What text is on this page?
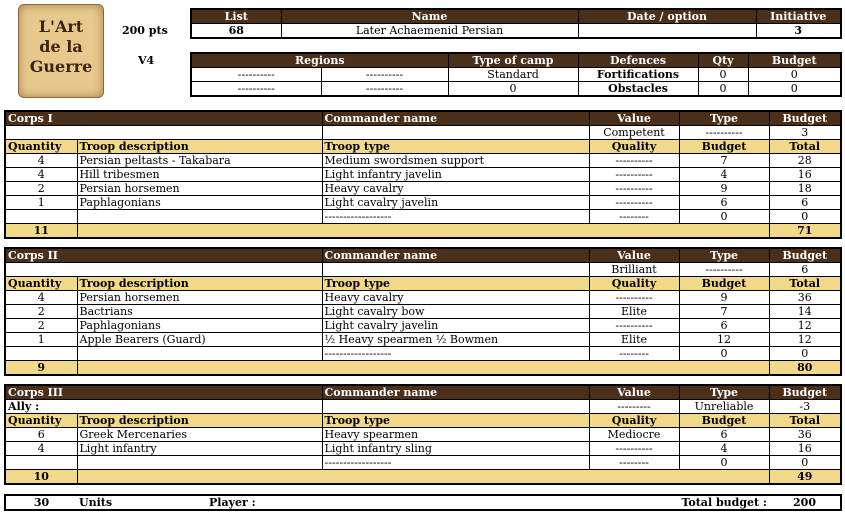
L'Art
de la
Guerre
200 pts
V4
List	Name	Date / option	Initiative
68	Later Achaemenid Persian		3
Regions		Type of camp	Defences	Qty	Budget
----------	----------	Standard	Fortifications	0	0
----------	----------	0	Obstacles	0	0
Corps I		Commander name	Value	Type	Budget
			Competent	----------	3
Quantity	Troop description	Troop type	Quality	Budget	Total
4	Persian peltasts - Takabara	Medium swordsmen support	----------	7	28
4	Hill tribesmen	Light infantry javelin	----------	4	16
2	Persian horsemen	Heavy cavalry	----------	9	18
1	Paphlagonians	Light cavalry javelin	----------	6	6
		------------------	--------	0	0
11					71
Corps II		Commander name	Value	Type	Budget
			Brilliant	----------	6
Quantity	Troop description	Troop type	Quality	Budget	Total
4	Persian horsemen	Heavy cavalry	----------	9	36
2	Bactrians	Light cavalry bow	Elite	7	14
2	Paphlagonians	Light cavalry javelin	----------	6	12
1	Apple Bearers (Guard)	½ Heavy spearmen ½ Bowmen	Elite	12	12
		------------------	--------	0	0
9					80
Corps III		Commander name	Value	Type	Budget
Ally :			---------	Unreliable	-3
Quantity	Troop description	Troop type	Quality	Budget	Total
6	Greek Mercenaries	Heavy spearmen	Mediocre	6	36
4	Light infantry	Light infantry sling	----------	4	16
		------------------	--------	0	0
10					49
30	Units	Player :	Total budget :	200
